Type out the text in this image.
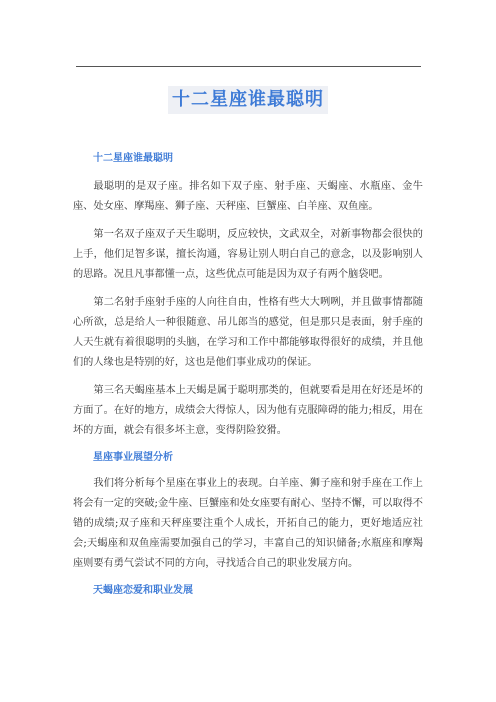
十二星座谁最聪明

十二星座谁最聪明

最聪明的是双子座。排名如下双子座、射手座、天蝎座、水瓶座、金牛座、处女座、摩羯座、狮子座、天秤座、巨蟹座、白羊座、双鱼座。

第一名双子座双子天生聪明，反应较快，文武双全，对新事物都会很快的上手，他们足智多谋，擅长沟通，容易让别人明白自己的意念，以及影响别人的思路。况且凡事都懂一点，这些优点可能是因为双子有两个脑袋吧。

第二名射手座射手座的人向往自由，性格有些大大咧咧，并且做事情都随心所欲，总是给人一种很随意、吊儿郎当的感觉，但是那只是表面，射手座的人天生就有着很聪明的头脑，在学习和工作中都能够取得很好的成绩，并且他们的人缘也是特别的好，这也是他们事业成功的保证。

第三名天蝎座基本上天蝎是属于聪明那类的，但就要看是用在好还是坏的方面了。在好的地方，成绩会大得惊人，因为他有克服障碍的能力;相反，用在坏的方面，就会有很多坏主意，变得阴险狡猾。

星座事业展望分析

我们将分析每个星座在事业上的表现。白羊座、狮子座和射手座在工作上将会有一定的突破;金牛座、巨蟹座和处女座要有耐心、坚持不懈，可以取得不错的成绩;双子座和天秤座要注重个人成长，开拓自己的能力，更好地适应社会;天蝎座和双鱼座需要加强自己的学习，丰富自己的知识储备;水瓶座和摩羯座则要有勇气尝试不同的方向，寻找适合自己的职业发展方向。

天蝎座恋爱和职业发展
